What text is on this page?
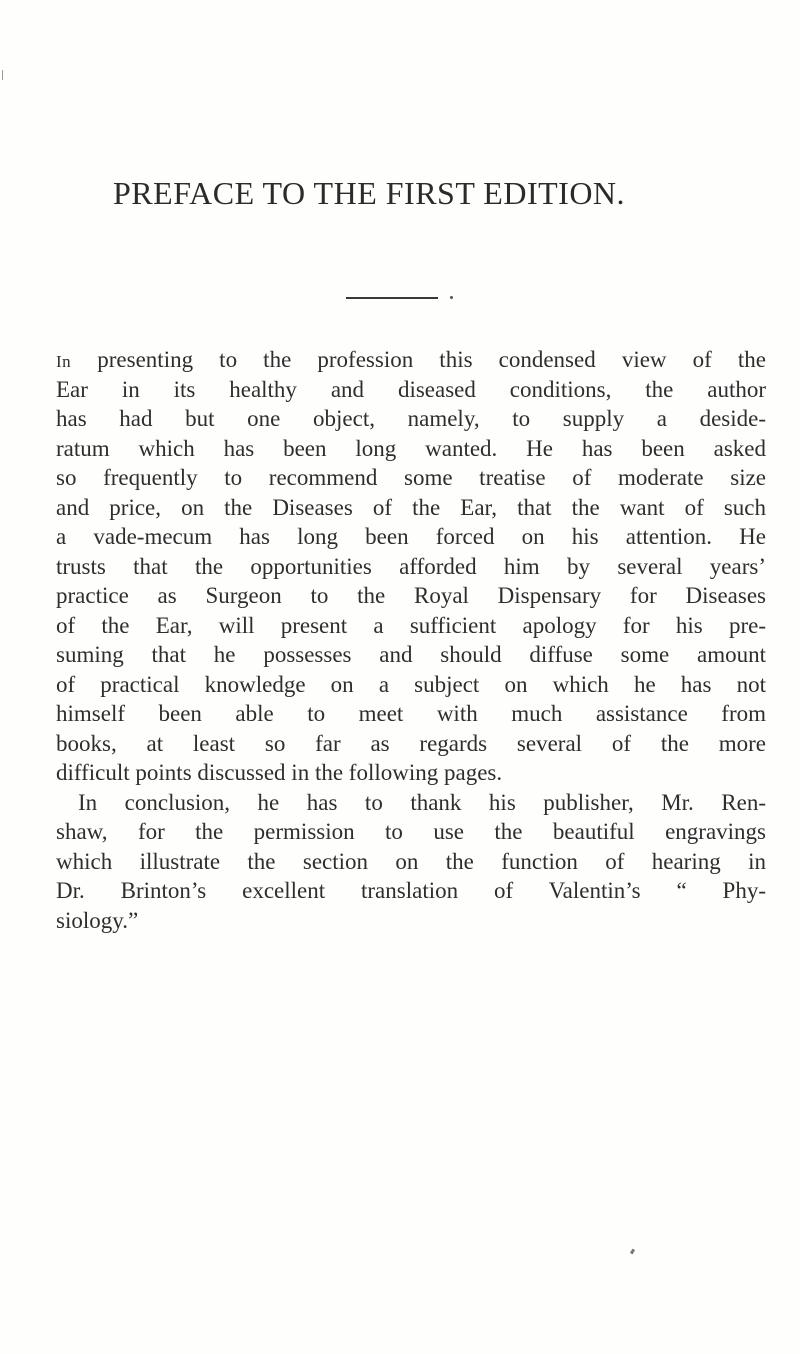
PREFACE TO THE FIRST EDITION.
In presenting to the profession this condensed view of the
Ear in its healthy and diseased conditions, the author
has had but one object, namely, to supply a deside-
ratum which has been long wanted. He has been asked
so frequently to recommend some treatise of moderate size
and price, on the Diseases of the Ear, that the want of such
a vade-mecum has long been forced on his attention. He
trusts that the opportunities afforded him by several years’
practice as Surgeon to the Royal Dispensary for Diseases
of the Ear, will present a sufficient apology for his pre-
suming that he possesses and should diffuse some amount
of practical knowledge on a subject on which he has not
himself been able to meet with much assistance from
books, at least so far as regards several of the more
difficult points discussed in the following pages.
In conclusion, he has to thank his publisher, Mr. Ren-
shaw, for the permission to use the beautiful engravings
which illustrate the section on the function of hearing in
Dr. Brinton’s excellent translation of Valentin’s “ Phy-
siology.”
